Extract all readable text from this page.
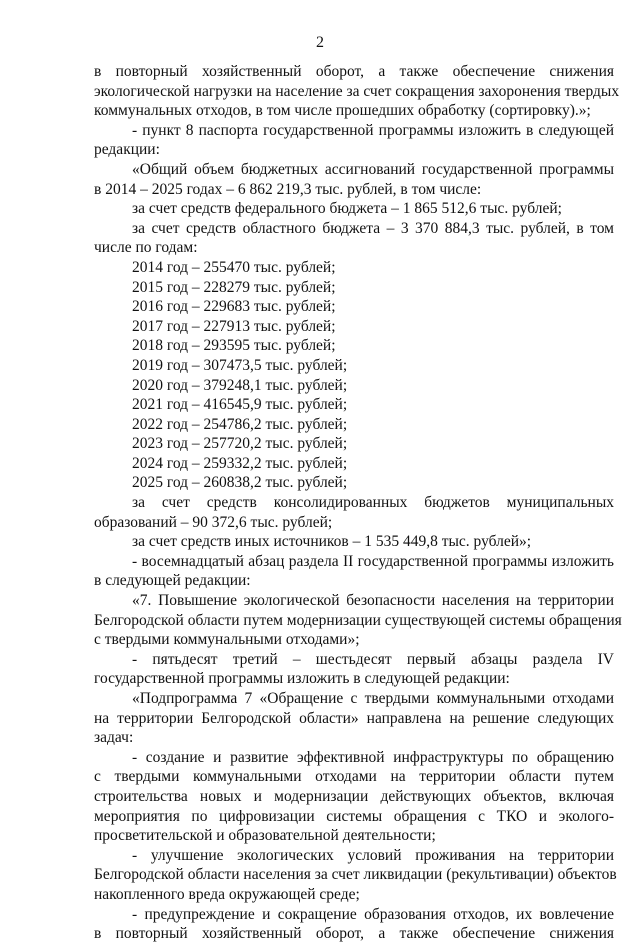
2
в повторный хозяйственный оборот, а также обеспечение снижения
экологической нагрузки на население за счет сокращения захоронения твердых
коммунальных отходов, в том числе прошедших обработку (сортировку).»;
- пункт 8 паспорта государственной программы изложить в следующей
редакции:
«Общий объем бюджетных ассигнований государственной программы
в 2014 – 2025 годах – 6 862 219,3 тыс. рублей, в том числе:
за счет средств федерального бюджета – 1 865 512,6 тыс. рублей;
за счет средств областного бюджета – 3 370 884,3 тыс. рублей, в том
числе по годам:
2014 год – 255470 тыс. рублей;
2015 год – 228279 тыс. рублей;
2016 год – 229683 тыс. рублей;
2017 год – 227913 тыс. рублей;
2018 год – 293595 тыс. рублей;
2019 год – 307473,5 тыс. рублей;
2020 год – 379248,1 тыс. рублей;
2021 год – 416545,9 тыс. рублей;
2022 год – 254786,2 тыс. рублей;
2023 год – 257720,2 тыс. рублей;
2024 год – 259332,2 тыс. рублей;
2025 год – 260838,2 тыс. рублей;
за счет средств консолидированных бюджетов муниципальных
образований – 90 372,6 тыс. рублей;
за счет средств иных источников – 1 535 449,8 тыс. рублей»;
- восемнадцатый абзац раздела II государственной программы изложить
в следующей редакции:
«7. Повышение экологической безопасности населения на территории
Белгородской области путем модернизации существующей системы обращения
с твердыми коммунальными отходами»;
- пятьдесят третий – шестьдесят первый абзацы раздела IV
государственной программы изложить в следующей редакции:
«Подпрограмма 7 «Обращение с твердыми коммунальными отходами
на территории Белгородской области» направлена на решение следующих
задач:
- создание и развитие эффективной инфраструктуры по обращению
с твердыми коммунальными отходами на территории области путем
строительства новых и модернизации действующих объектов, включая
мероприятия по цифровизации системы обращения с ТКО и эколого-
просветительской и образовательной деятельности;
- улучшение экологических условий проживания на территории
Белгородской области населения за счет ликвидации (рекультивации) объектов
накопленного вреда окружающей среде;
- предупреждение и сокращение образования отходов, их вовлечение
в повторный хозяйственный оборот, а также обеспечение снижения
